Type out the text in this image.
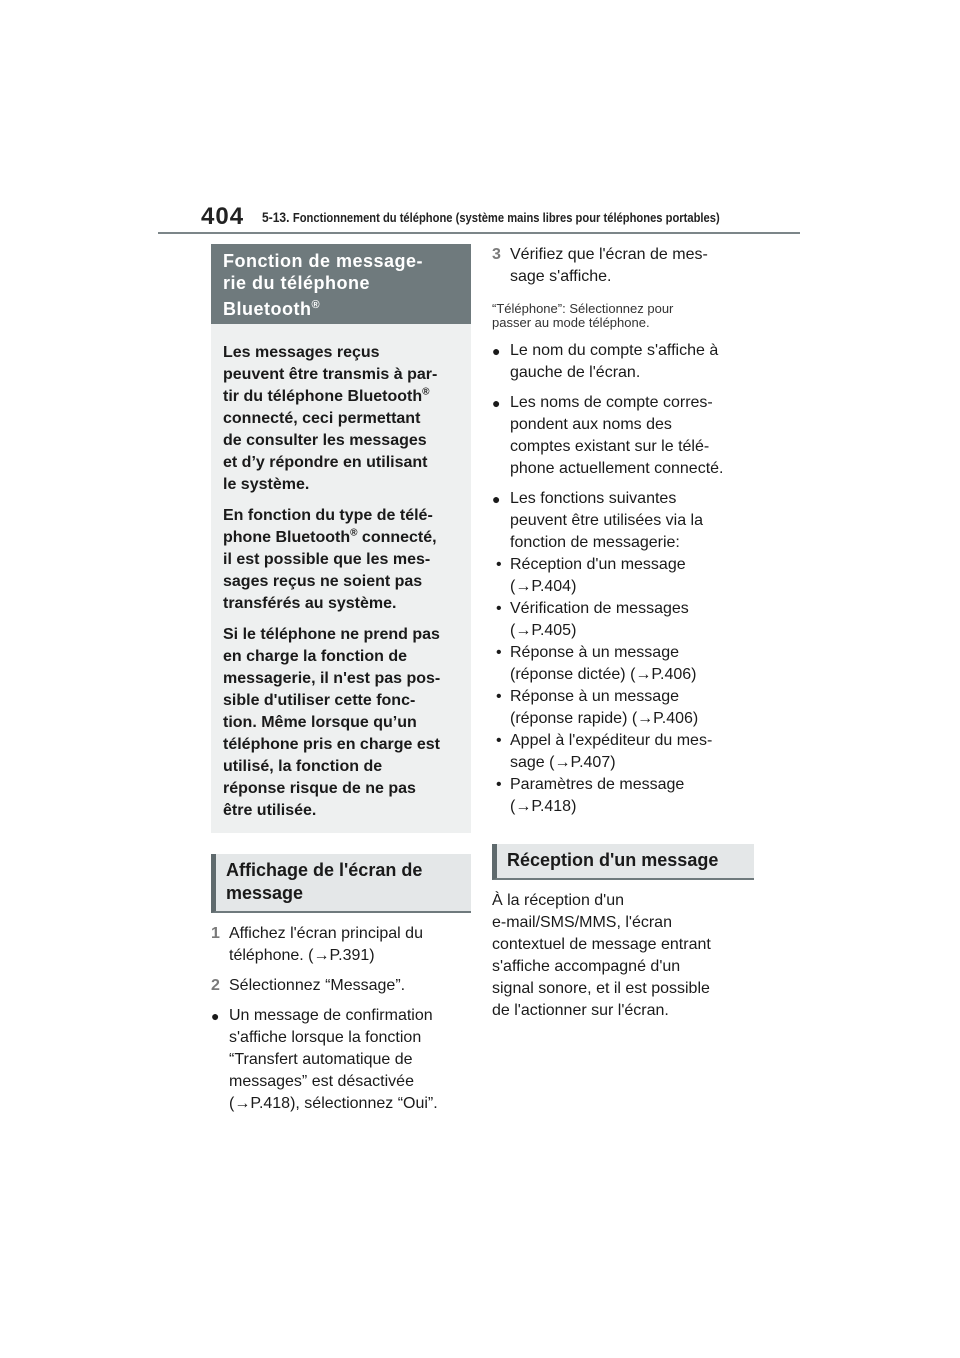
404 5-13. Fonctionnement du téléphone (système mains libres pour téléphones portables)
Fonction de message-
rie du téléphone
Bluetooth®

Les messages reçus
peuvent être transmis à par-
tir du téléphone Bluetooth®
connecté, ceci permettant
de consulter les messages
et d’y répondre en utilisant
le système.

En fonction du type de télé-
phone Bluetooth® connecté,
il est possible que les mes-
sages reçus ne soient pas
transférés au système.

Si le téléphone ne prend pas
en charge la fonction de
messagerie, il n'est pas pos-
sible d'utiliser cette fonc-
tion. Même lorsque qu’un
téléphone pris en charge est
utilisé, la fonction de
réponse risque de ne pas
être utilisée.

Affichage de l'écran de
message
1 Affichez l'écran principal du
téléphone. (→P.391)
2 Sélectionnez “Message”.
● Un message de confirmation
s'affiche lorsque la fonction
“Transfert automatique de
messages” est désactivée
(→P.418), sélectionnez “Oui”.
3 Vérifiez que l'écran de mes-
sage s'affiche.
“Téléphone”: Sélectionnez pour
passer au mode téléphone.
● Le nom du compte s'affiche à
gauche de l'écran.
● Les noms de compte corres-
pondent aux noms des
comptes existant sur le télé-
phone actuellement connecté.
● Les fonctions suivantes
peuvent être utilisées via la
fonction de messagerie:
• Réception d'un message
(→P.404)
• Vérification de messages
(→P.405)
• Réponse à un message
(réponse dictée) (→P.406)
• Réponse à un message
(réponse rapide) (→P.406)
• Appel à l'expéditeur du mes-
sage (→P.407)
• Paramètres de message
(→P.418)
Réception d'un message
À la réception d'un
e-mail/SMS/MMS, l'écran
contextuel de message entrant
s'affiche accompagné d'un
signal sonore, et il est possible
de l'actionner sur l'écran.
